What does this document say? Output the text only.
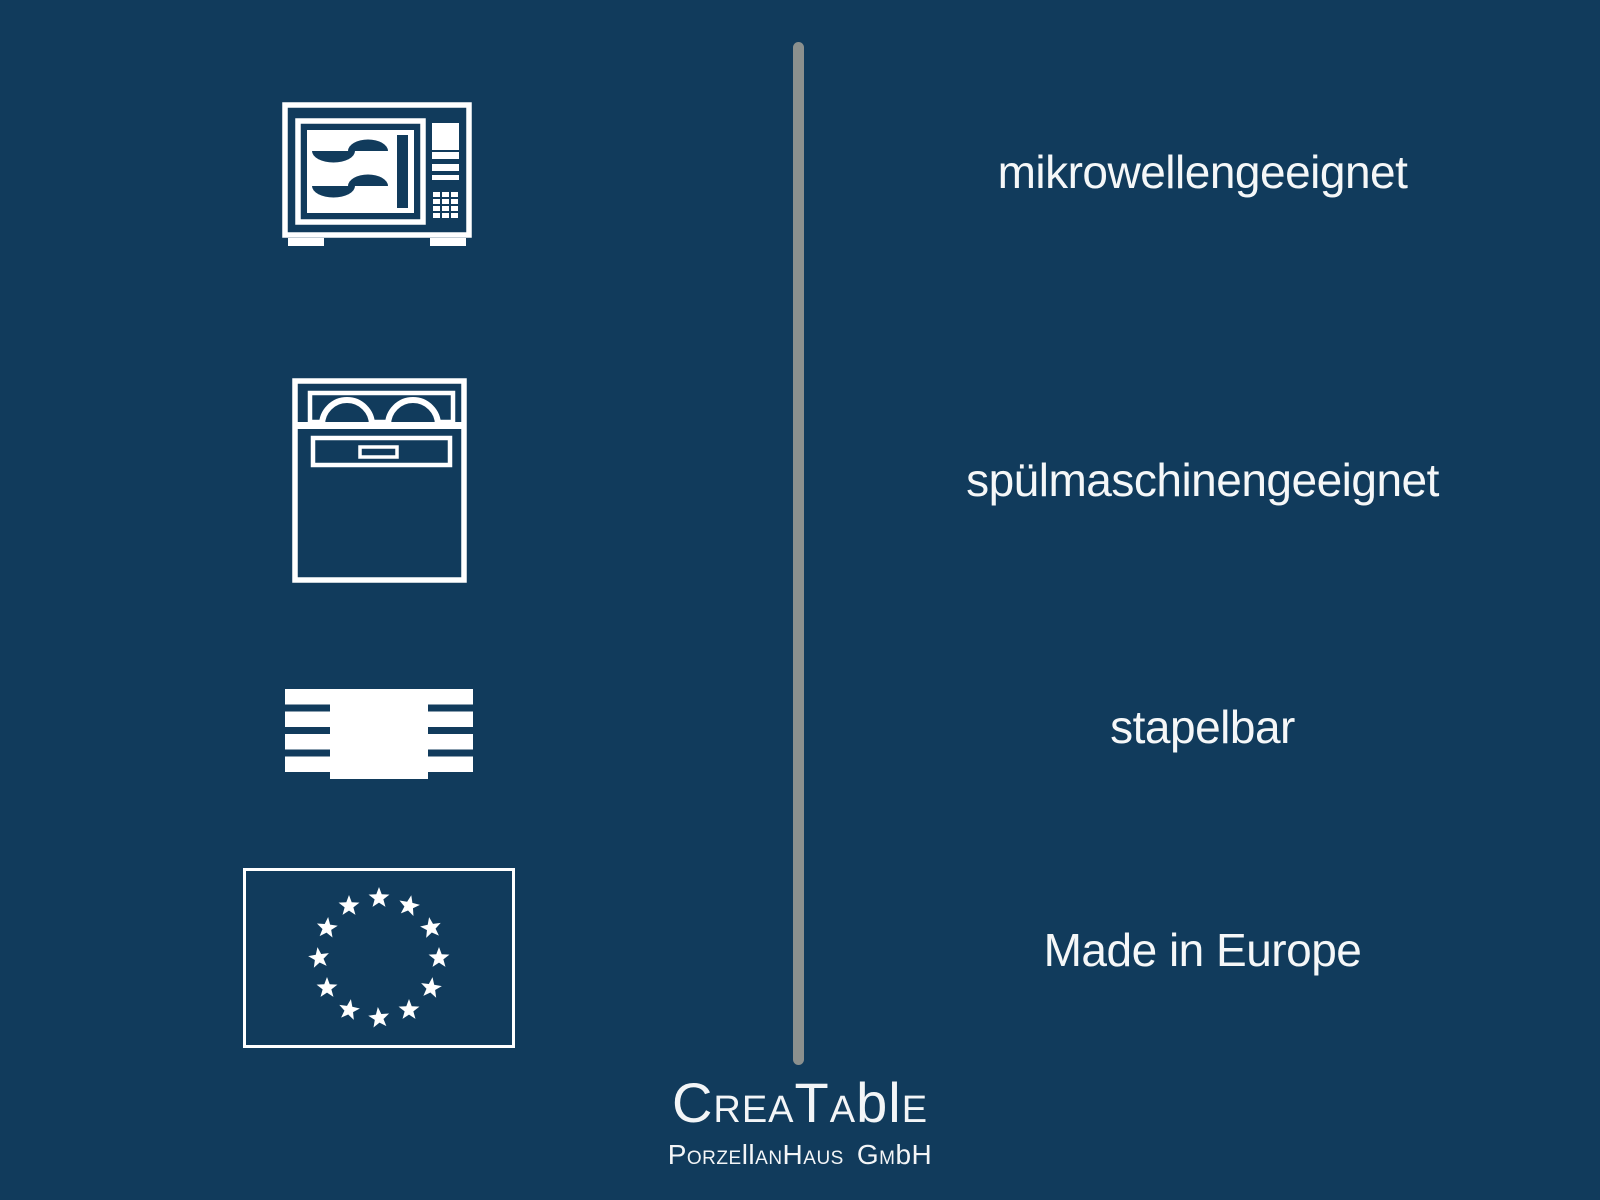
mikrowellengeeignet
spülmaschinengeeignet
stapelbar
Made in Europe
CREATAblE
PORZEllANHAUS GMbH
